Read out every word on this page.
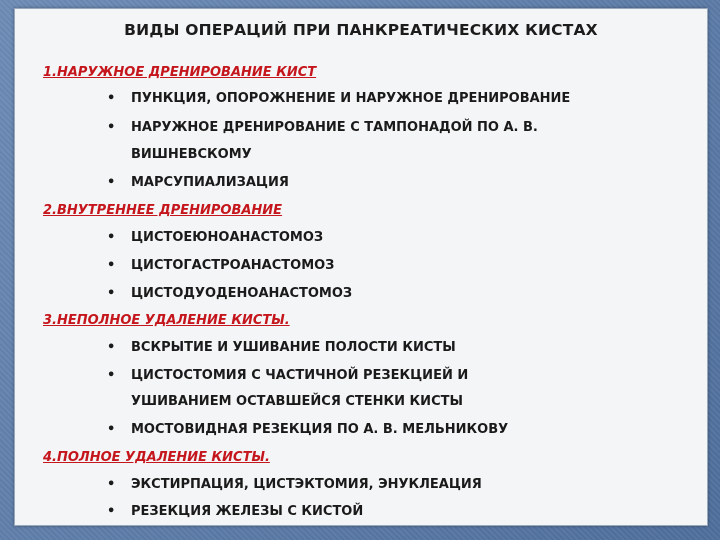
ВИДЫ ОПЕРАЦИЙ ПРИ ПАНКРЕАТИЧЕСКИХ КИСТАХ
1.НАРУЖНОЕ ДРЕНИРОВАНИЕ КИСТ
• ПУНКЦИЯ, ОПОРОЖНЕНИЕ И НАРУЖНОЕ ДРЕНИРОВАНИЕ
• НАРУЖНОЕ ДРЕНИРОВАНИЕ С ТАМПОНАДОЙ ПО А. В.
ВИШНЕВСКОМУ
• МАРСУПИАЛИЗАЦИЯ
2.ВНУТРЕННЕЕ ДРЕНИРОВАНИЕ
• ЦИСТОЕЮНОАНАСТОМОЗ
• ЦИСТОГАСТРОАНАСТОМОЗ
• ЦИСТОДУОДЕНОАНАСТОМОЗ
3.НЕПОЛНОЕ УДАЛЕНИЕ КИСТЫ.
• ВСКРЫТИЕ И УШИВАНИЕ ПОЛОСТИ КИСТЫ
• ЦИСТОСТОМИЯ С ЧАСТИЧНОЙ РЕЗЕКЦИЕЙ И
УШИВАНИЕМ ОСТАВШЕЙСЯ СТЕНКИ КИСТЫ
• МОСТОВИДНАЯ РЕЗЕКЦИЯ ПО А. В. МЕЛЬНИКОВУ
4.ПОЛНОЕ УДАЛЕНИЕ КИСТЫ.
• ЭКСТИРПАЦИЯ, ЦИСТЭКТОМИЯ, ЭНУКЛЕАЦИЯ
• РЕЗЕКЦИЯ ЖЕЛЕЗЫ С КИСТОЙ
